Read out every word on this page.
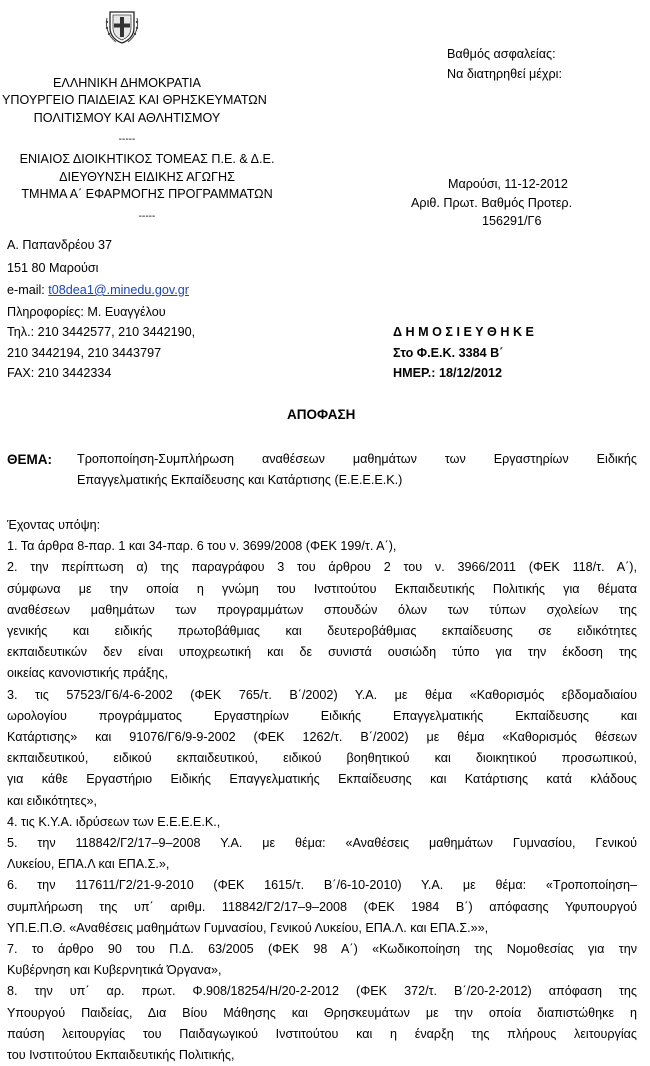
ΕΛΛΗΝΙΚΗ ΔΗΜΟΚΡΑΤΙΑ
ΥΠΟΥΡΓΕΙΟ ΠΑΙΔΕΙΑΣ ΚΑΙ ΘΡΗΣΚΕΥΜΑΤΩΝ
ΠΟΛΙΤΙΣΜΟΥ ΚΑΙ ΑΘΛΗΤΙΣΜΟΥ
-----
ΕΝΙΑΙΟΣ ΔΙΟΙΚΗΤΙΚΟΣ ΤΟΜΕΑΣ Π.Ε. & Δ.Ε.
ΔΙΕΥΘΥΝΣΗ ΕΙΔΙΚΗΣ ΑΓΩΓΗΣ
ΤΜΗΜΑ Α΄ ΕΦΑΡΜΟΓΗΣ ΠΡΟΓΡΑΜΜΑΤΩΝ
-----
Βαθμός ασφαλείας:
Να διατηρηθεί μέχρι:
Μαρούσι, 11-12-2012
Αριθ. Πρωτ. Βαθμός Προτερ.
156291/Γ6
Α. Παπανδρέου 37
151 80 Μαρούσι
e-mail: t08dea1@.minedu.gov.gr
Πληροφορίες: Μ. Ευαγγέλου
Τηλ.: 210 3442577, 210 3442190,
210 3442194, 210 3443797
FAX: 210 3442334
Δ Η Μ Ο Σ Ι Ε Υ Θ Η Κ Ε
Στο Φ.Ε.Κ. 3384 Β΄
ΗΜΕΡ.: 18/12/2012
ΑΠΟΦΑΣΗ
ΘΕΜΑ: Τροποποίηση-Συμπλήρωση αναθέσεων μαθημάτων των Εργαστηρίων Ειδικής
Επαγγελματικής Εκπαίδευσης και Κατάρτισης (Ε.Ε.Ε.Ε.Κ.)
Έχοντας υπόψη:
1. Τα άρθρα 8-παρ. 1 και 34-παρ. 6 του ν. 3699/2008 (ΦΕΚ 199/τ. Α΄),
2. την περίπτωση α) της παραγράφου 3 του άρθρου 2 του ν. 3966/2011 (ΦΕΚ 118/τ. Α΄),
σύμφωνα με την οποία η γνώμη του Ινστιτούτου Εκπαιδευτικής Πολιτικής για θέματα
αναθέσεων μαθημάτων των προγραμμάτων σπουδών όλων των τύπων σχολείων της
γενικής και ειδικής πρωτοβάθμιας και δευτεροβάθμιας εκπαίδευσης σε ειδικότητες
εκπαιδευτικών δεν είναι υποχρεωτική και δε συνιστά ουσιώδη τύπο για την έκδοση της
οικείας κανονιστικής πράξης,
3. τις 57523/Γ6/4-6-2002 (ΦΕΚ 765/τ. Β΄/2002) Υ.Α. με θέμα «Καθορισμός εβδομαδιαίου
ωρολογίου προγράμματος Εργαστηρίων Ειδικής Επαγγελματικής Εκπαίδευσης και
Κατάρτισης» και 91076/Γ6/9-9-2002 (ΦΕΚ 1262/τ. Β΄/2002) με θέμα «Καθορισμός θέσεων
εκπαιδευτικού, ειδικού εκπαιδευτικού, ειδικού βοηθητικού και διοικητικού προσωπικού,
για κάθε Εργαστήριο Ειδικής Επαγγελματικής Εκπαίδευσης και Κατάρτισης κατά κλάδους
και ειδικότητες»,
4. τις Κ.Υ.Α. ιδρύσεων των Ε.Ε.Ε.Ε.Κ.,
5. την 118842/Γ2/17–9–2008 Υ.Α. με θέμα: «Αναθέσεις μαθημάτων Γυμνασίου, Γενικού
Λυκείου, ΕΠΑ.Λ και ΕΠΑ.Σ.»,
6. την 117611/Γ2/21-9-2010 (ΦΕΚ 1615/τ. Β΄/6-10-2010) Υ.Α. με θέμα: «Τροποποίηση–
συμπλήρωση της υπ΄ αριθμ. 118842/Γ2/17–9–2008 (ΦΕΚ 1984 Β΄) απόφασης Υφυπουργού
ΥΠ.Ε.Π.Θ. «Αναθέσεις μαθημάτων Γυμνασίου, Γενικού Λυκείου, ΕΠΑ.Λ. και ΕΠΑ.Σ.»»,
7. το άρθρο 90 του Π.Δ. 63/2005 (ΦΕΚ 98 Α΄) «Κωδικοποίηση της Νομοθεσίας για την
Κυβέρνηση και Κυβερνητικά Όργανα»,
8. την υπ΄ αρ. πρωτ. Φ.908/18254/Η/20-2-2012 (ΦΕΚ 372/τ. Β΄/20-2-2012) απόφαση της
Υπουργού Παιδείας, Δια Βίου Μάθησης και Θρησκευμάτων με την οποία διαπιστώθηκε η
παύση λειτουργίας του Παιδαγωγικού Ινστιτούτου και η έναρξη της πλήρους λειτουργίας
του Ινστιτούτου Εκπαιδευτικής Πολιτικής,
